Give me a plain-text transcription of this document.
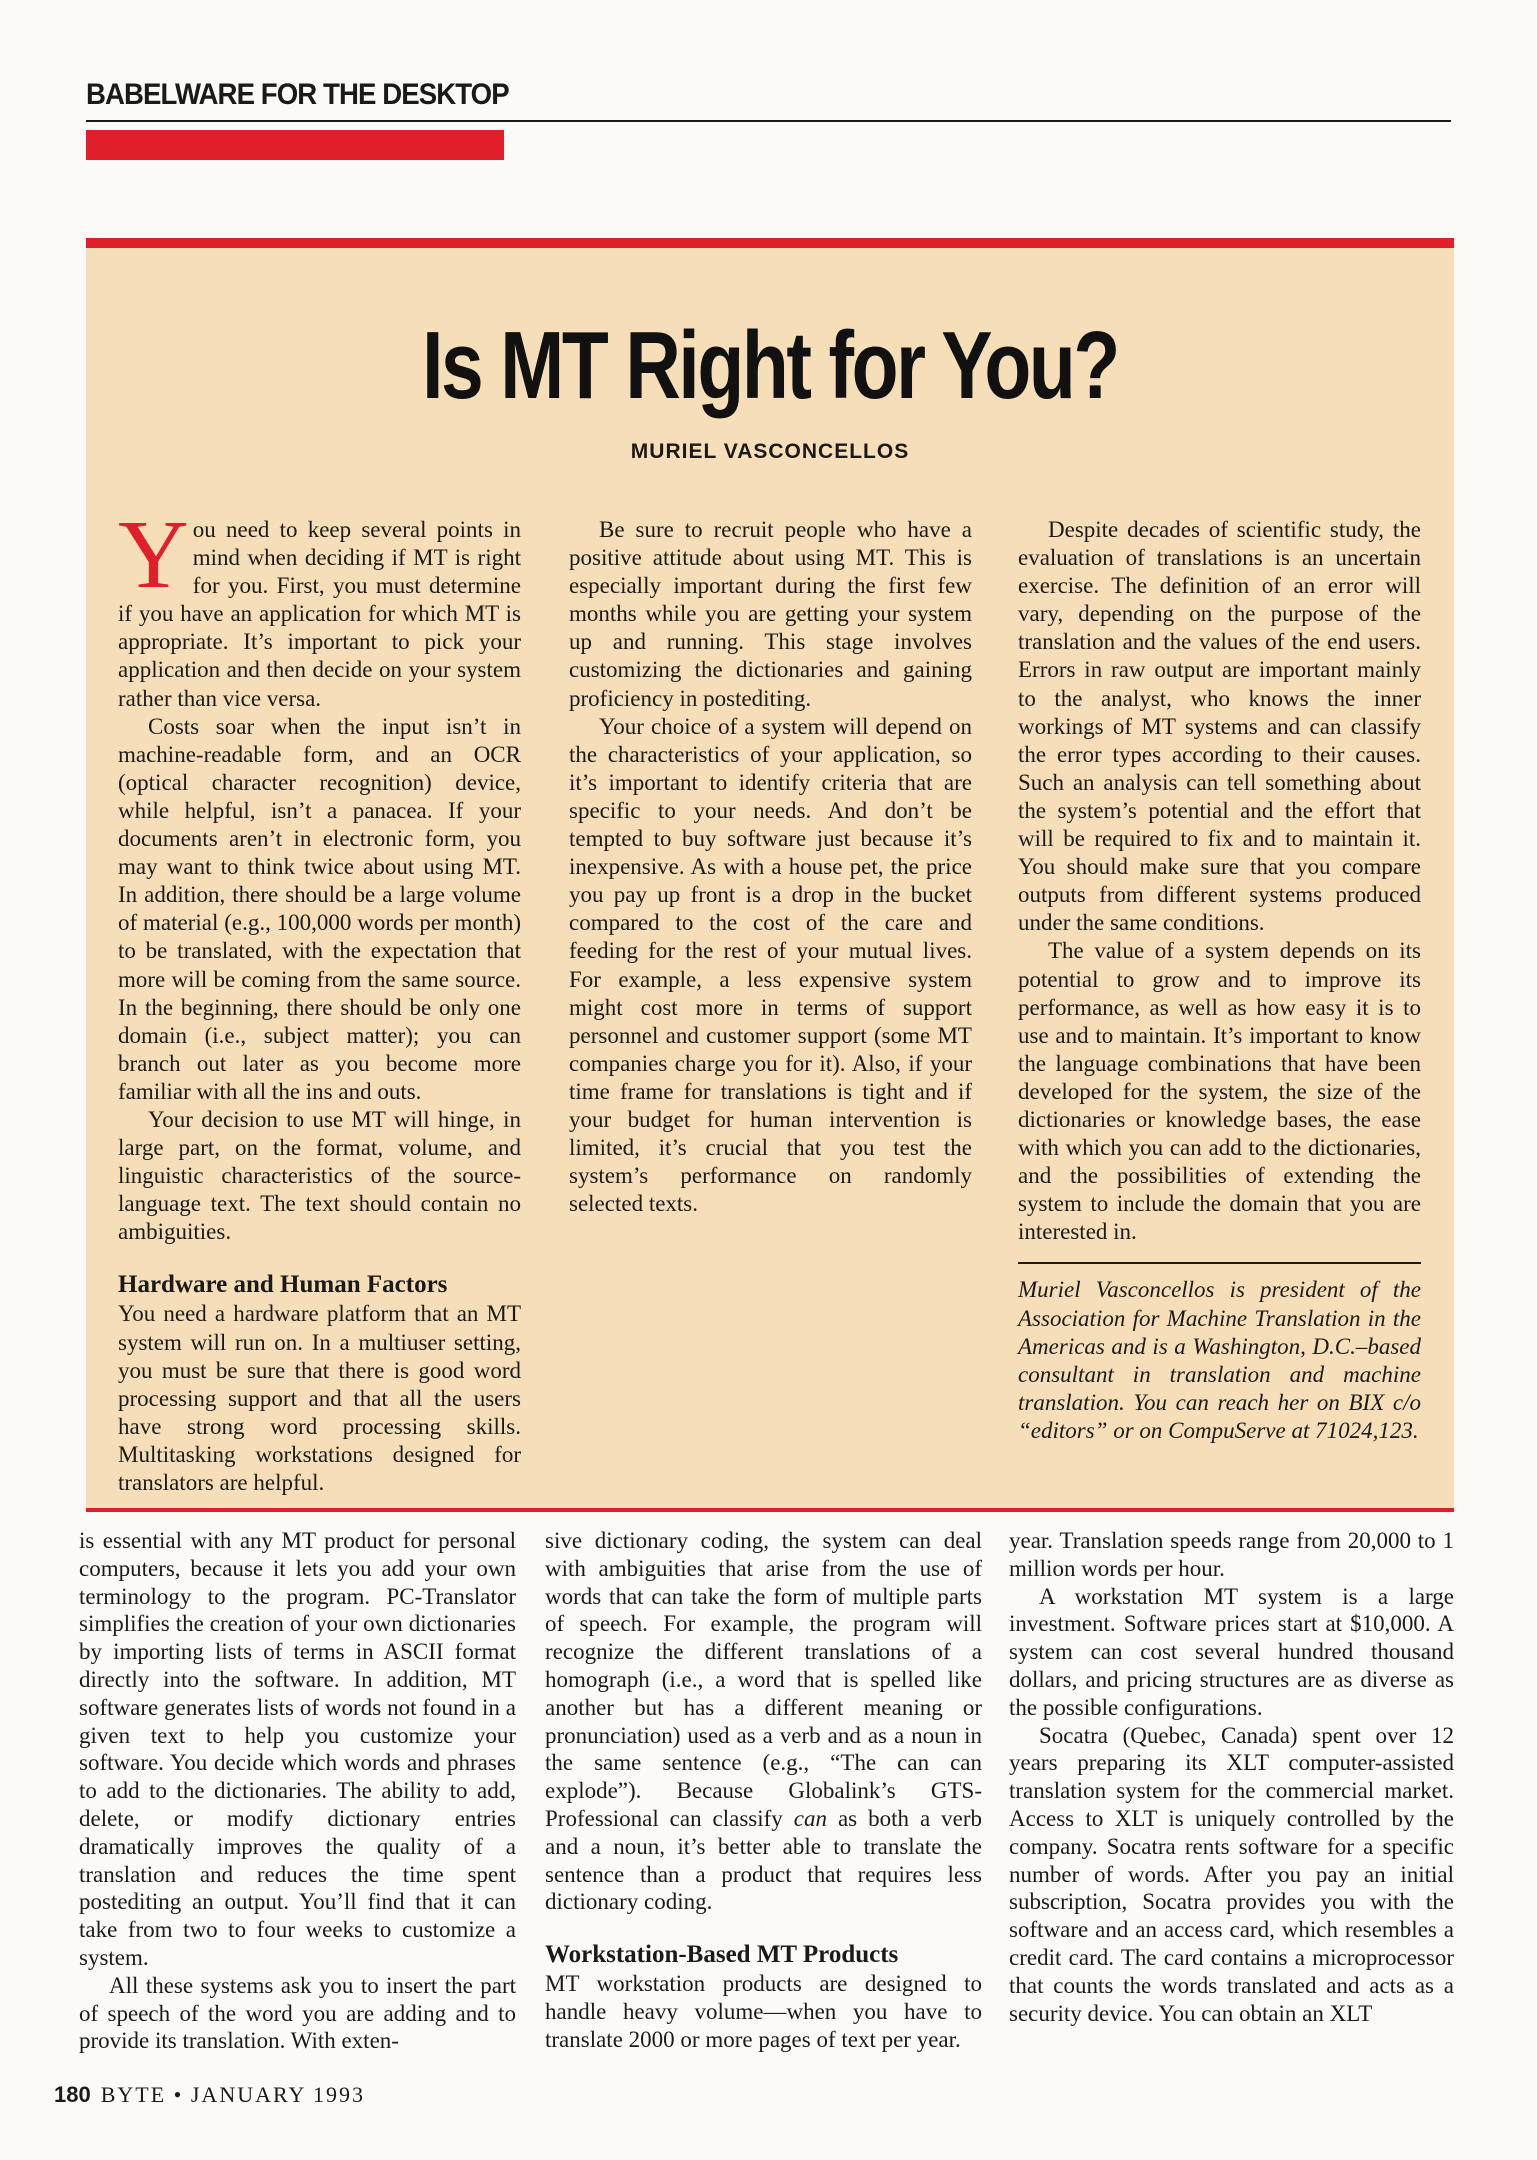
BABELWARE FOR THE DESKTOP
Is MT Right for You?
MURIEL VASCONCELLOS

You need to keep several points in mind when deciding if MT is right for you. First, you must determine if you have an application for which MT is appropriate. It’s important to pick your application and then decide on your system rather than vice versa.

Costs soar when the input isn’t in machine-readable form, and an OCR (optical character recognition) device, while helpful, isn’t a panacea. If your documents aren’t in electronic form, you may want to think twice about using MT. In addition, there should be a large volume of material (e.g., 100,000 words per month) to be translated, with the expectation that more will be coming from the same source. In the beginning, there should be only one domain (i.e., subject matter); you can branch out later as you become more familiar with all the ins and outs.

Your decision to use MT will hinge, in large part, on the format, volume, and linguistic characteristics of the source-language text. The text should contain no ambiguities.

Hardware and Human Factors

You need a hardware platform that an MT system will run on. In a multiuser setting, you must be sure that there is good word processing support and that all the users have strong word processing skills. Multitasking workstations designed for translators are helpful.

Be sure to recruit people who have a positive attitude about using MT. This is especially important during the first few months while you are getting your system up and running. This stage involves customizing the dictionaries and gaining proficiency in postediting.

Your choice of a system will depend on the characteristics of your application, so it’s important to identify criteria that are specific to your needs. And don’t be tempted to buy software just because it’s inexpensive. As with a house pet, the price you pay up front is a drop in the bucket compared to the cost of the care and feeding for the rest of your mutual lives. For example, a less expensive system might cost more in terms of support personnel and customer support (some MT companies charge you for it). Also, if your time frame for translations is tight and if your budget for human intervention is limited, it’s crucial that you test the system’s performance on randomly selected texts.

Despite decades of scientific study, the evaluation of translations is an uncertain exercise. The definition of an error will vary, depending on the purpose of the translation and the values of the end users. Errors in raw output are important mainly to the analyst, who knows the inner workings of MT systems and can classify the error types according to their causes. Such an analysis can tell something about the system’s potential and the effort that will be required to fix and to maintain it. You should make sure that you compare outputs from different systems produced under the same conditions.

The value of a system depends on its potential to grow and to improve its performance, as well as how easy it is to use and to maintain. It’s important to know the language combinations that have been developed for the system, the size of the dictionaries or knowledge bases, the ease with which you can add to the dictionaries, and the possibilities of extending the system to include the domain that you are interested in.

Muriel Vasconcellos is president of the Association for Machine Translation in the Americas and is a Washington, D.C.–based consultant in translation and machine translation. You can reach her on BIX c/o “editors” or on CompuServe at 71024,123.

is essential with any MT product for personal computers, because it lets you add your own terminology to the program. PC-Translator simplifies the creation of your own dictionaries by importing lists of terms in ASCII format directly into the software. In addition, MT software generates lists of words not found in a given text to help you customize your software. You decide which words and phrases to add to the dictionaries. The ability to add, delete, or modify dictionary entries dramatically improves the quality of a translation and reduces the time spent postediting an output. You’ll find that it can take from two to four weeks to customize a system.

All these systems ask you to insert the part of speech of the word you are adding and to provide its translation. With exten-

sive dictionary coding, the system can deal with ambiguities that arise from the use of words that can take the form of multiple parts of speech. For example, the program will recognize the different translations of a homograph (i.e., a word that is spelled like another but has a different meaning or pronunciation) used as a verb and as a noun in the same sentence (e.g., “The can can explode”). Because Globalink’s GTS-Professional can classify can as both a verb and a noun, it’s better able to translate the sentence than a product that requires less dictionary coding.

Workstation-Based MT Products

MT workstation products are designed to handle heavy volume—when you have to translate 2000 or more pages of text per year.

year. Translation speeds range from 20,000 to 1 million words per hour.

A workstation MT system is a large investment. Software prices start at $10,000. A system can cost several hundred thousand dollars, and pricing structures are as diverse as the possible configurations.

Socatra (Quebec, Canada) spent over 12 years preparing its XLT computer-assisted translation system for the commercial market. Access to XLT is uniquely controlled by the company. Socatra rents software for a specific number of words. After you pay an initial subscription, Socatra provides you with the software and an access card, which resembles a credit card. The card contains a microprocessor that counts the words translated and acts as a security device. You can obtain an XLT

180 BYTE • JANUARY 1993
